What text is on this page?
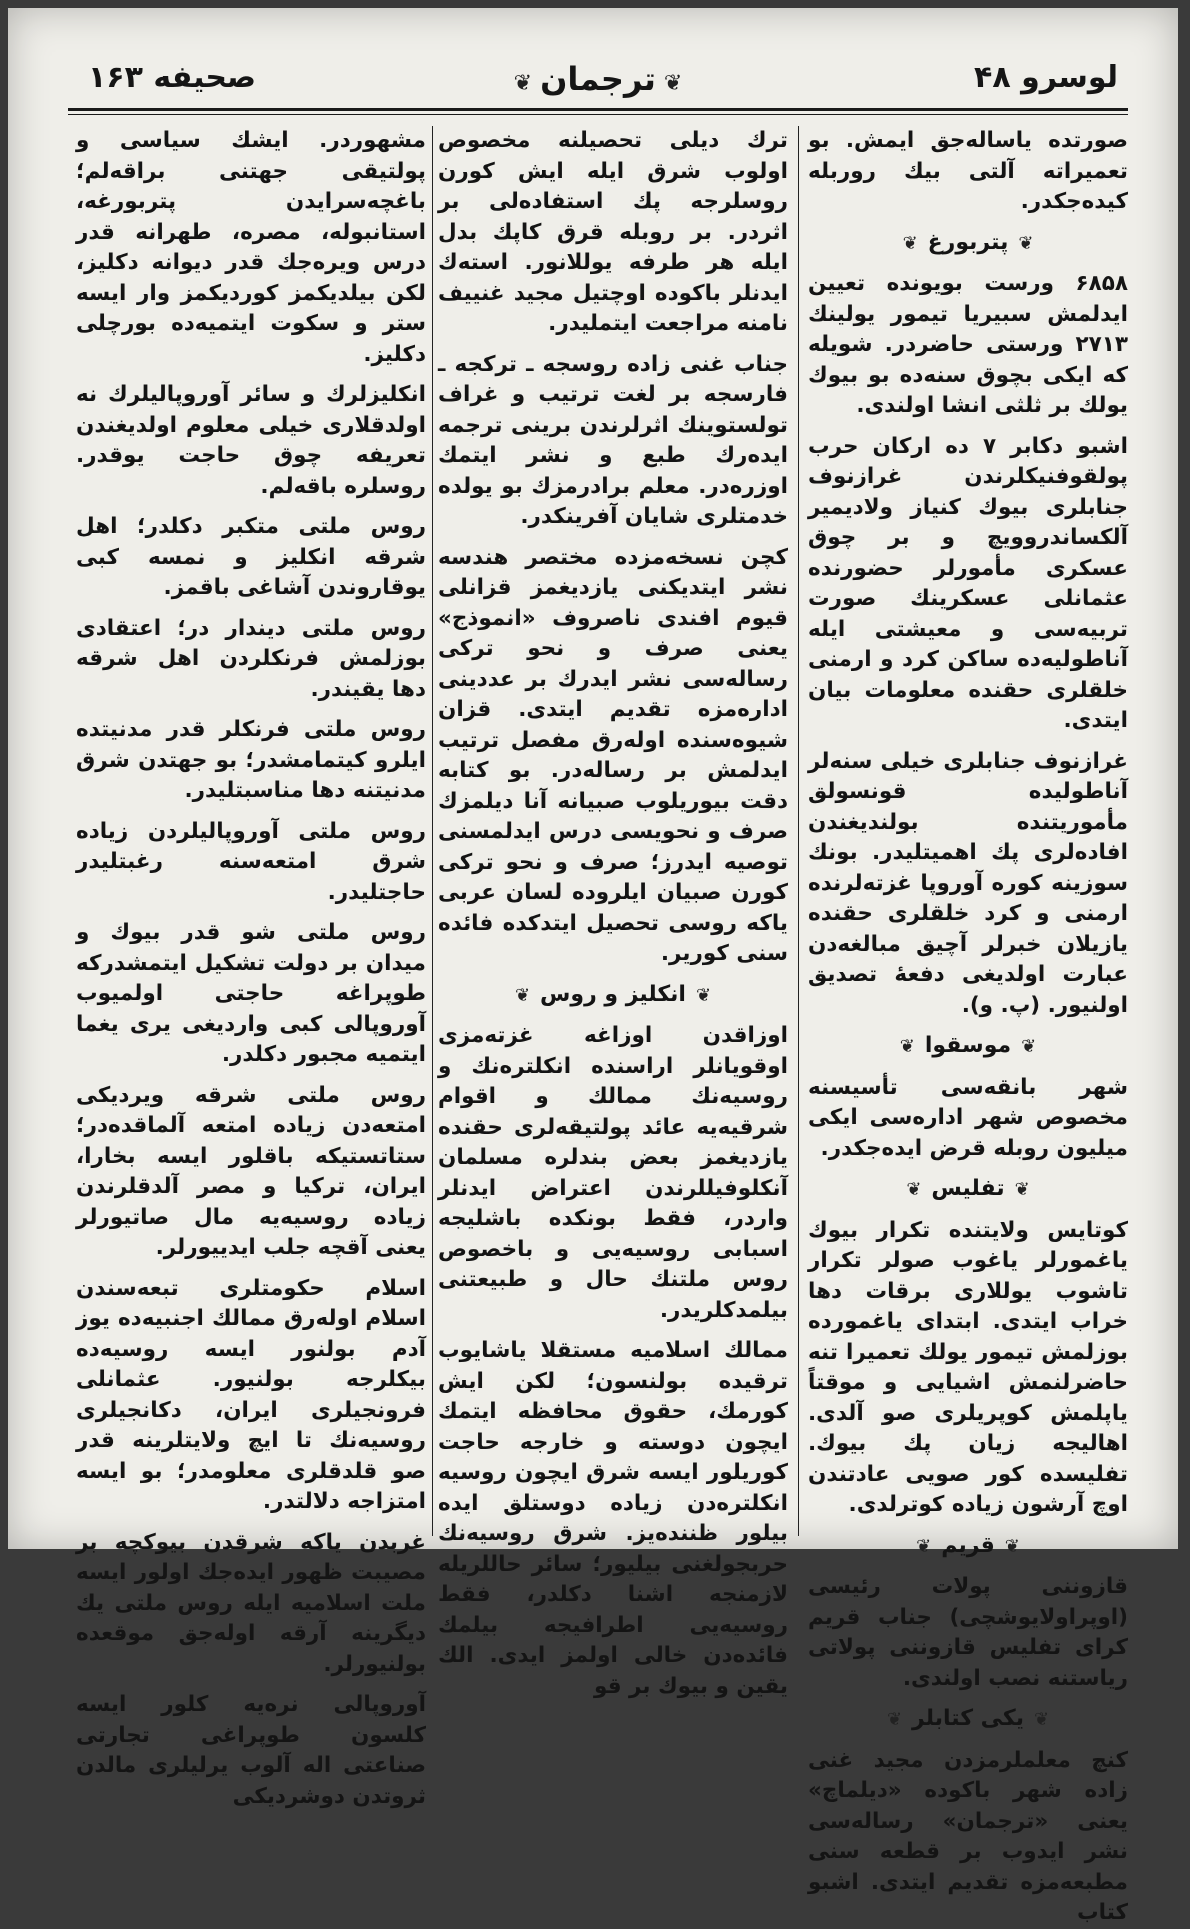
صحیفه ۱۶۳	❦ترجمان❦	لوسرو ۴۸

صورتده یاسالەجق ایمش. بو تعمیراته آلتی بیك روربله کیدەجکدر.

❦پتربورغ❦

۶۸۵۸ ورست بویونده تعیین ایدلمش سبیریا تیمور یولینك ۲۷۱۳ ورستی حاضردر. شویله که ایکی بچوق سنەده بو بیوك یولك بر ثلثی انشا اولندی.

اشبو دکابر ۷ ده ارکان حرب پولقوفنیکلرندن غرازنوف جنابلری بیوك کنیاز ولادیمیر آلکساندروویچ و بر چوق عسکری مأمورلر حضورنده عثمانلی عسکرینك صورت تربیەسی و معیشتی ایله آناطولیەده ساکن کرد و ارمنی خلقلری حقنده معلومات بیان ایتدی.

غرازنوف جنابلری خیلی سنەلر آناطولیده قونسولق مأموریتنده بولندیغندن افادەلری پك اهمیتلیدر. بونك سوزینه کوره آوروپا غزتەلرنده ارمنی و کرد خلقلری حقنده یازیلان خبرلر آچیق مبالغەدن عبارت اولدیغی دفعهٔ تصدیق اولنیور. (پ. و).

❦موسقوا❦

شهر بانقەسی تأسیسنه مخصوص شهر ادارەسی ایکی میلیون روبله قرض ایدەجکدر.

❦تفلیس❦

کوتایس ولایتنده تکرار بیوك یاغمورلر یاغوب صولر تکرار تاشوب یوللاری برقات دها خراب ایتدی. ابتدای یاغموردە بوزلمش تیمور یولك تعمیرا تنه حاضرلنمش اشیایی و موقتاً یاپلمش کوپریلری صو آلدی. اهالیجه زیان پك بیوك. تفلیسده کور صویی عادتندن اوچ آرشون زیاده کوترلدی.

❦قریم❦

قازوننی پولات رئیسی (اوپراولایوشچی) جناب قریم کرای تفلیس قازوننی پولاتی ریاستنه نصب اولندی.

❦یکی کتابلر❦

کنچ معلملرمزدن مجید غنی زاده شهر باکوده «دیلماچ» یعنی «ترجمان» رسالەسی نشر ایدوب بر قطعه سنی مطبعەمزه تقدیم ایتدی. اشبو کتاب

ترك دیلی تحصیلنه مخصوص اولوب شرق ایله ایش کورن روسلرجه پك استفادەلی بر اثردر. بر روبله قرق کاپك بدل ایله هر طرفه یوللانور. استەك ایدنلر باکوده اوچتیل مجید غنییف نامنه مراجعت ایتملیدر.

جناب غنی زاده روسجه ـ ترکجه ـ فارسجه بر لغت ترتیب و غراف تولستوینك اثرلرندن برینی ترجمه ایدەرك طبع و نشر ایتمك اوزرەدر. معلم برادرمزك بو یولده خدمتلری شایان آفرینکدر.

کچن نسخەمزده مختصر هندسه نشر ایتدیکنی یازدیغمز قزانلی قیوم افندی ناصروف «انموذج» یعنی صرف و نحو ترکی رسالەسی نشر ایدرك بر عددینی ادارەمزه تقدیم ایتدی. قزان شیوەسنده اولەرق مفصل ترتیب ایدلمش بر رسالەدر. بو کتابه دقت بیوریلوب صبیانه آنا دیلمزك صرف و نحویسی درس ایدلمسنی توصیه ایدرز؛ صرف و نحو ترکی کورن صبیان ایلروده لسان عربی یاکه روسی تحصیل ایتدکده فائده سنی کوریر.

❦انکلیز و روس❦

اوزاقدن اوزاغه غزتەمزی اوقویانلر اراسنده انکلترەنك و روسیەنك ممالك و اقوام شرقیەیه عائد پولتیقەلری حقنده یازدیغمز بعض بندلره مسلمان آنکلوفیللرندن اعتراض ایدنلر واردر، فقط بونکده باشلیجه اسبابی روسیەیی و باخصوص روس ملتنك حال و طبیعتنی بیلمدکلریدر.

ممالك اسلامیه مستقلا یاشایوب ترقیده بولنسون؛ لکن ایش کورمك، حقوق محافظه ایتمك ایچون دوسته و خارجه حاجت کوریلور ایسه شرق ایچون روسیه انکلترەدن زیاده دوستلق ایده بیلور ظننده‌یز. شرق روسیەنك حربجولغنی بیلیور؛ سائر حاللریله لازمنجه اشنا دکلدر، فقط روسیەیی اطرافیجه بیلمك فائدەدن خالی اولمز ایدی. الك یقین و بیوك بر قو

مشهوردر. ایشك سیاسی و پولتیقی جهتنی براقەلم؛ باغچەسرایدن پتربورغه، استانبوله، مصره، طهرانه قدر درس ویرەجك قدر دیوانه دکلیز، لکن بیلدیکمز کوردیکمز وار ایسه ستر و سکوت ایتمیەده بورچلی دکلیز.

انکلیزلرك و سائر آوروپالیلرك نه اولدقلاری خیلی معلوم اولدیغندن تعریفه چوق حاجت یوقدر. روسلره باقەلم.

روس ملتی متکبر دکلدر؛ اهل شرقه انکلیز و نمسه کبی یوقاروندن آشاغی باقمز.

روس ملتی دیندار در؛ اعتقادی بوزلمش فرنکلردن اهل شرقه دها یقیندر.

روس ملتی فرنکلر قدر مدنیتده ایلرو کیتمامشدر؛ بو جهتدن شرق مدنیتنه دها مناسبتلیدر.

روس ملتی آوروپالیلردن زیاده شرق امتعەسنه رغبتلیدر حاجتلیدر.

روس ملتی شو قدر بیوك و میدان بر دولت تشکیل ایتمشدرکه طوپراغه حاجتی اولمیوب آوروپالی کبی واردیغی یری یغما ایتمیه مجبور دکلدر.

روس ملتی شرقه ویردیکی امتعەدن زیاده امتعه آلماقدەدر؛ ستاتستیکه باقلور ایسه بخارا، ایران، ترکیا و مصر آلدقلرندن زیاده روسیەیه مال صاتیورلر یعنی آقچه جلب ایدییورلر.

اسلام حکومتلری تبعەسندن اسلام اولەرق ممالك اجنبیەده یوز آدم بولنور ایسه روسیەده بیکلرجه بولنیور. عثمانلی فرونجیلری ایران، دکانجیلری روسیەنك تا ایچ ولایتلرینه قدر صو قلدقلری معلومدر؛ بو ایسه امتزاجه دلالتدر.

غربدن یاکه شرقدن بیوکچه بر مصیبت ظهور ایدەجك اولور ایسه ملت اسلامیه ایله روس ملتی یك دیگرینه آرقه اولەجق موقعده بولنیورلر.

آوروپالی نرەیه کلور ایسه کلسون طوپراغی تجارتی صناعتی اله آلوب یرلیلری مالدن ثروتدن دوشردیکی
